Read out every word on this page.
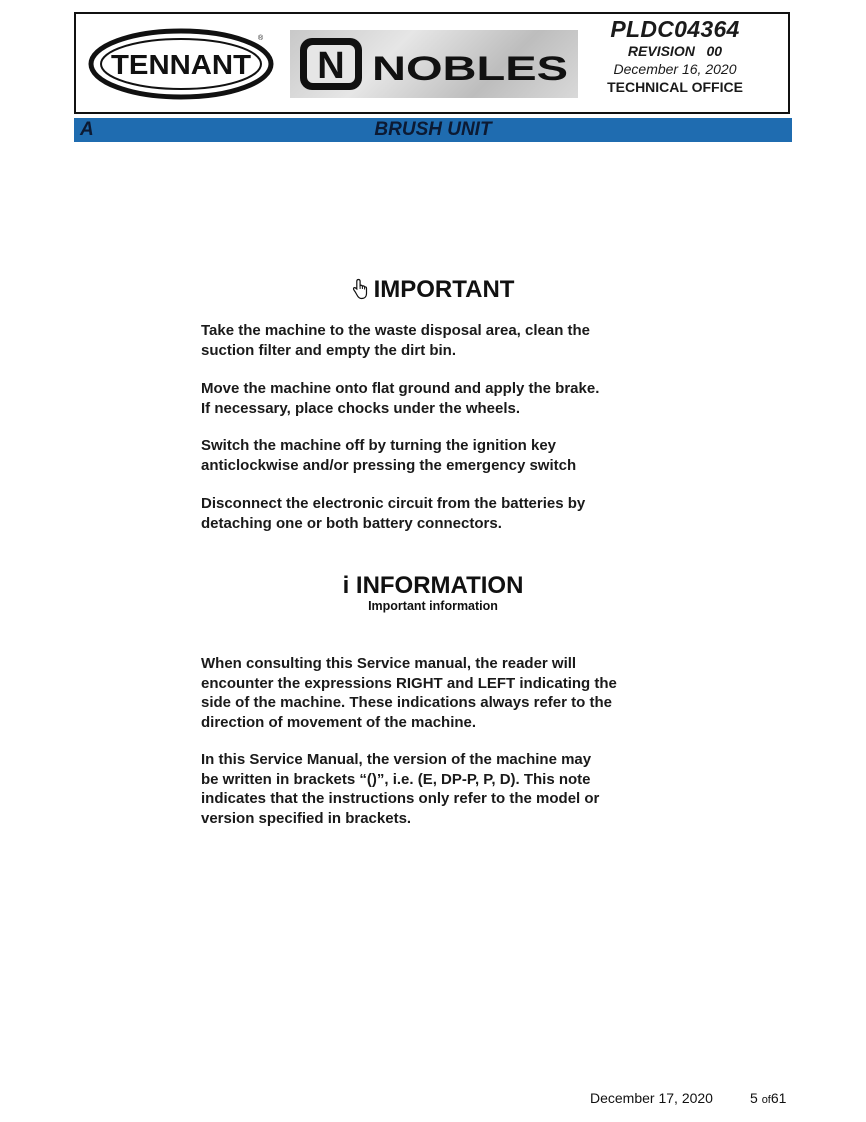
TENNANT
®
N NOBLES
PLDC04364
REVISION   00
December 16, 2020
TECHNICAL OFFICE
A	BRUSH UNIT
IMPORTANT

Take the machine to the waste disposal area, clean the
suction filter and empty the dirt bin.

Move the machine onto flat ground and apply the brake.
If necessary, place chocks under the wheels.

Switch the machine off by turning the ignition key
anticlockwise and/or pressing the emergency switch

Disconnect the electronic circuit from the batteries by
detaching one or both battery connectors.

i INFORMATION
Important information

When consulting this Service manual, the reader will
encounter the expressions RIGHT and LEFT indicating the
side of the machine. These indications always refer to the
direction of movement of the machine.

In this Service Manual, the version of the machine may
be written in brackets “()”, i.e. (E, DP-P, P, D). This note
indicates that the instructions only refer to the model or
version specified in brackets.

December 17, 2020	5 of61
